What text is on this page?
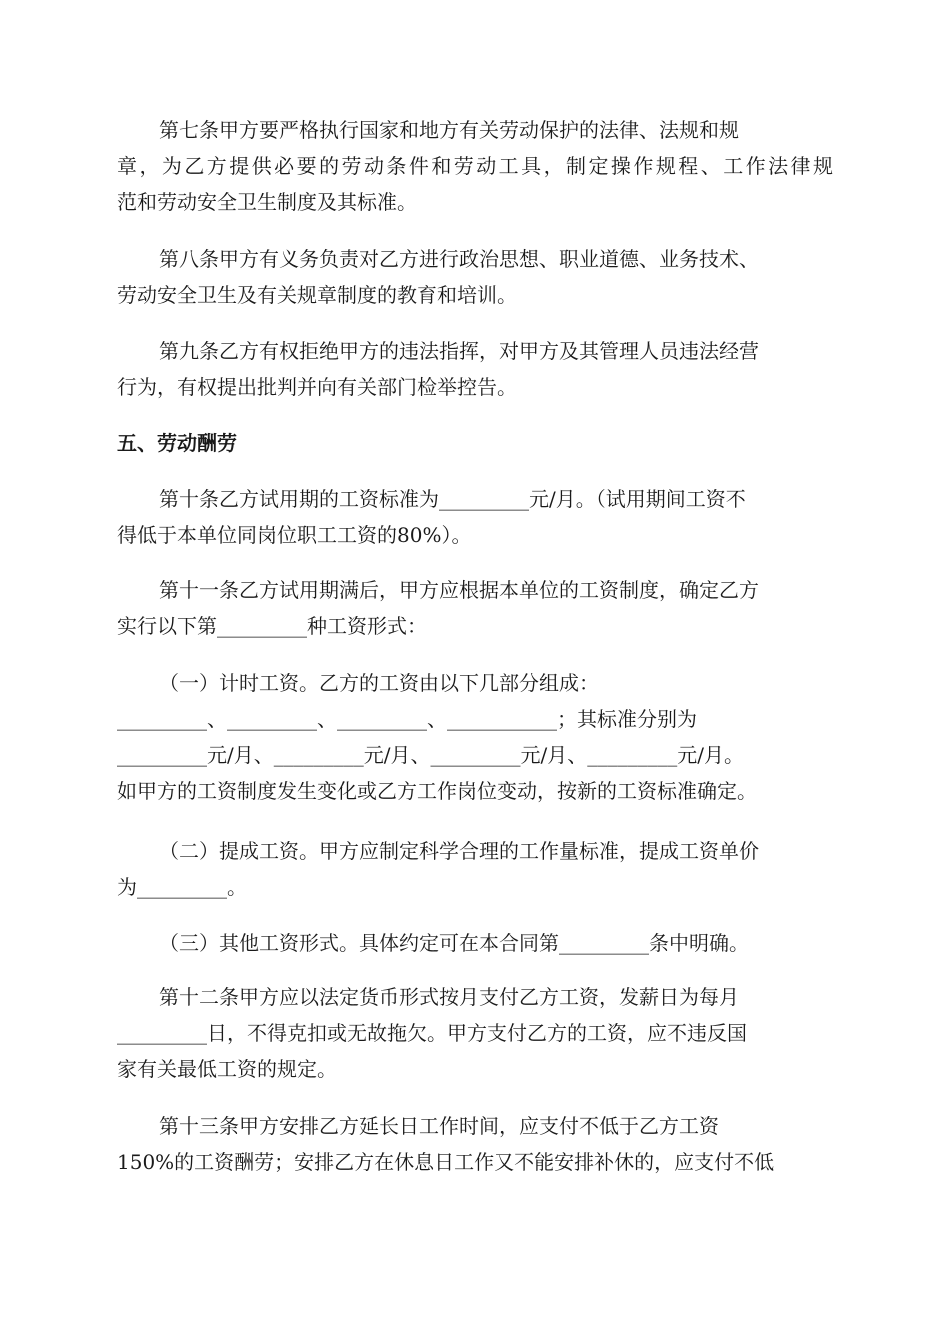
第七条甲方要严格执行国家和地方有关劳动保护的法律、法规和规
章，为乙方提供必要的劳动条件和劳动工具，制定操作规程、工作法律规
范和劳动安全卫生制度及其标准。
第八条甲方有义务负责对乙方进行政治思想、职业道德、业务技术、
劳动安全卫生及有关规章制度的教育和培训。
第九条乙方有权拒绝甲方的违法指挥，对甲方及其管理人员违法经营
行为，有权提出批判并向有关部门检举控告。
五、劳动酬劳
第十条乙方试用期的工资标准为_________元/月。（试用期间工资不
得低于本单位同岗位职工工资的80%）。
第十一条乙方试用期满后，甲方应根据本单位的工资制度，确定乙方
实行以下第_________种工资形式：
（一）计时工资。乙方的工资由以下几部分组成：
_________、_________、_________、___________；其标准分别为
_________元/月、_________元/月、_________元/月、_________元/月。
如甲方的工资制度发生变化或乙方工作岗位变动，按新的工资标准确定。
（二）提成工资。甲方应制定科学合理的工作量标准，提成工资单价
为_________。
（三）其他工资形式。具体约定可在本合同第_________条中明确。
第十二条甲方应以法定货币形式按月支付乙方工资，发薪日为每月
_________日，不得克扣或无故拖欠。甲方支付乙方的工资，应不违反国
家有关最低工资的规定。
第十三条甲方安排乙方延长日工作时间，应支付不低于乙方工资
150%的工资酬劳；安排乙方在休息日工作又不能安排补休的，应支付不低
